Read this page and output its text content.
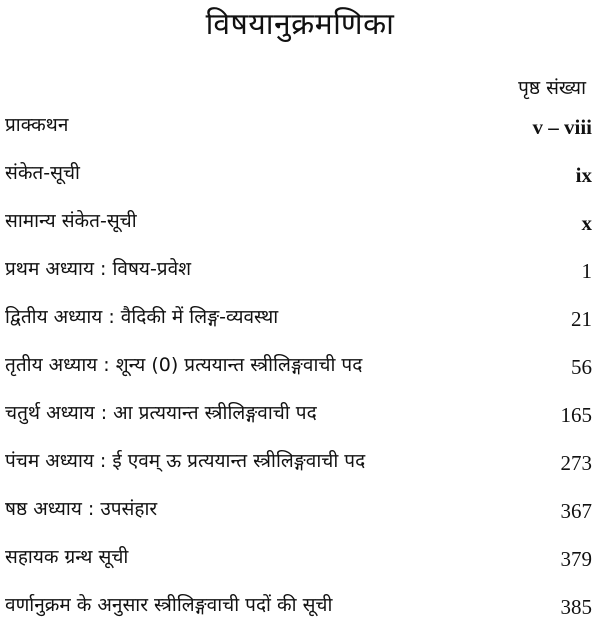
विषयानुक्रमणिका
पृष्ठ संख्या
प्राक्कथन	v – viii
संकेत-सूची	ix
सामान्य संकेत-सूची	x
प्रथम अध्याय : विषय-प्रवेश	1
द्वितीय अध्याय : वैदिकी में लिङ्ग-व्यवस्था	21
तृतीय अध्याय : शून्य (0) प्रत्ययान्त स्त्रीलिङ्गवाची पद	56
चतुर्थ अध्याय : आ प्रत्ययान्त स्त्रीलिङ्गवाची पद	165
पंचम अध्याय : ई एवम् ऊ प्रत्ययान्त स्त्रीलिङ्गवाची पद	273
षष्ठ अध्याय : उपसंहार	367
सहायक ग्रन्थ सूची	379
वर्णानुक्रम के अनुसार स्त्रीलिङ्गवाची पदों की सूची	385
